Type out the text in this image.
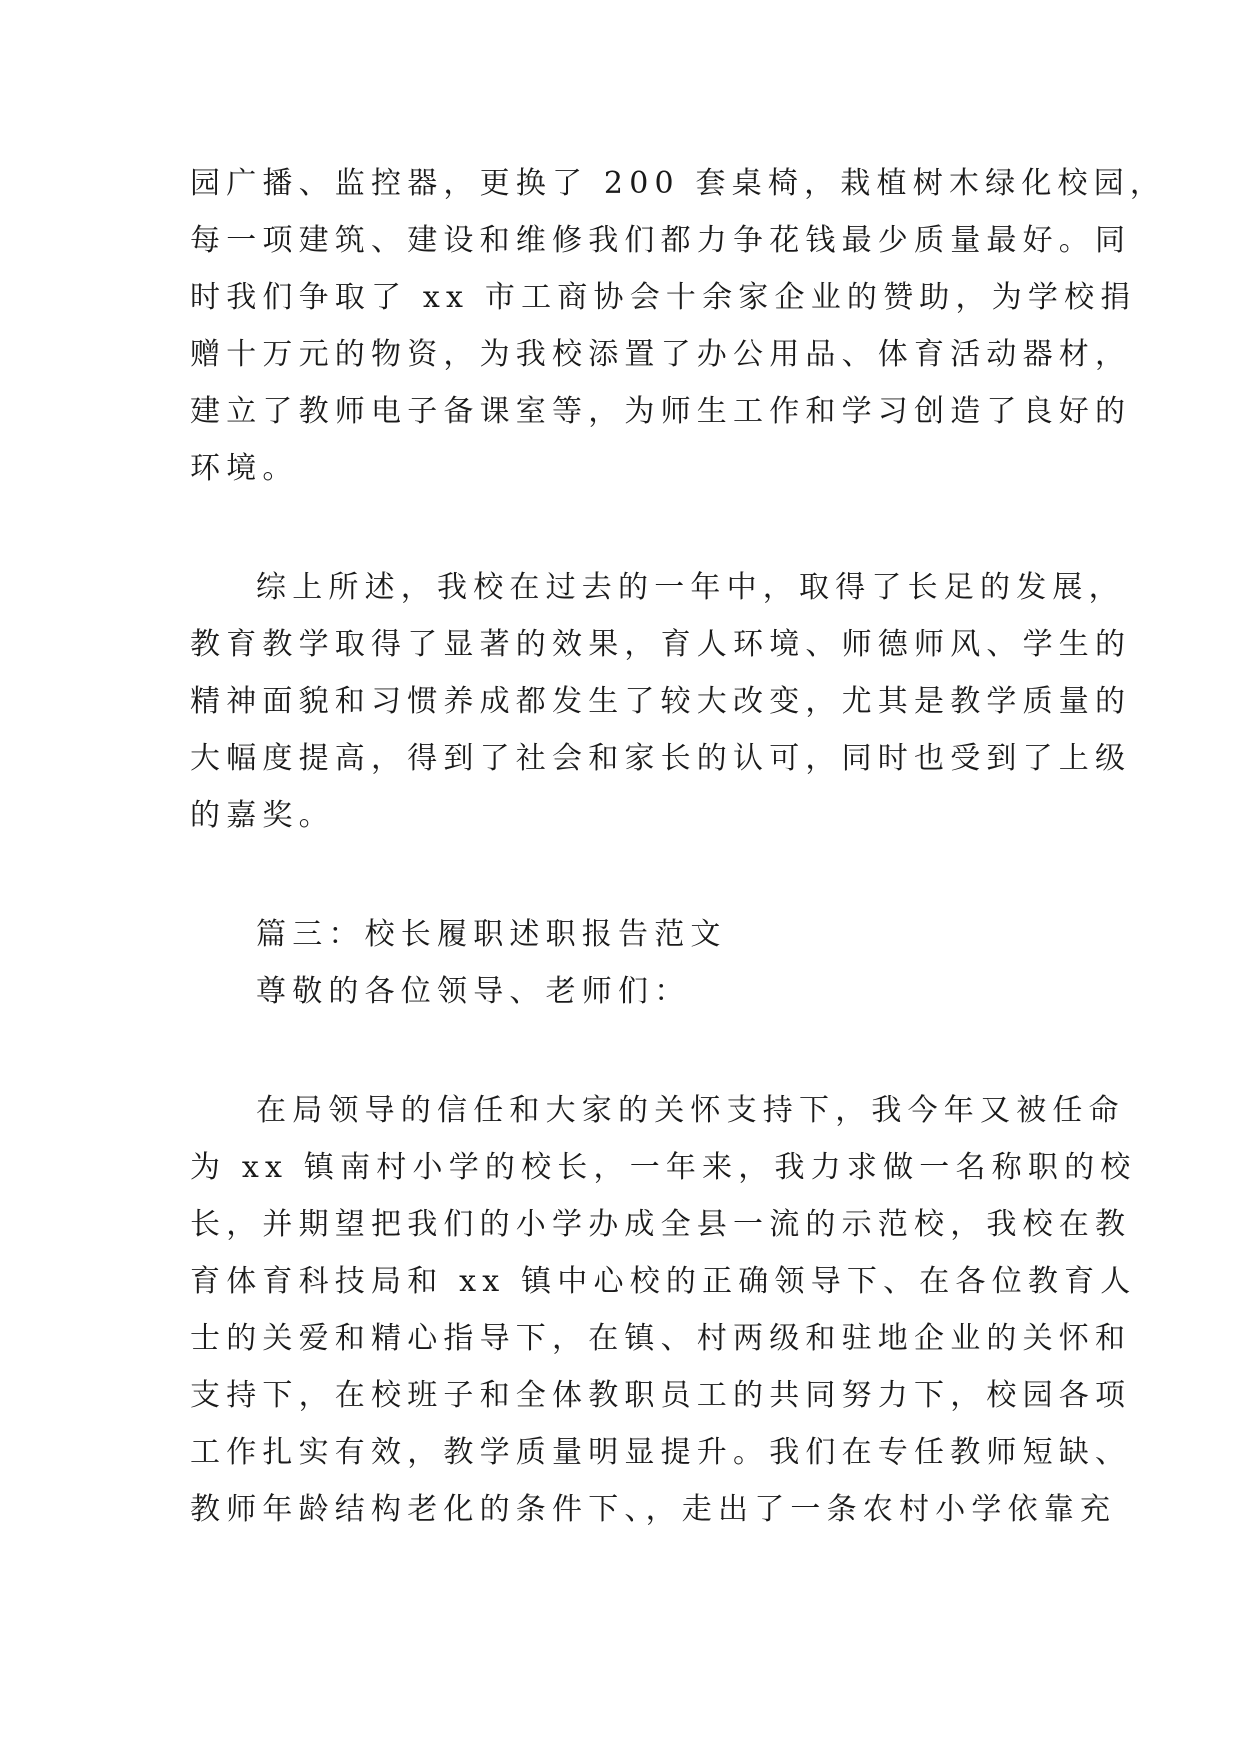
园广播、监控器，更换了 200 套桌椅，栽植树木绿化校园，
每一项建筑、建设和维修我们都力争花钱最少质量最好。同
时我们争取了 xx 市工商协会十余家企业的赞助，为学校捐
赠十万元的物资，为我校添置了办公用品、体育活动器材，
建立了教师电子备课室等，为师生工作和学习创造了良好的
环境。
综上所述，我校在过去的一年中，取得了长足的发展，
教育教学取得了显著的效果，育人环境、师德师风、学生的
精神面貌和习惯养成都发生了较大改变，尤其是教学质量的
大幅度提高，得到了社会和家长的认可，同时也受到了上级
的嘉奖。
篇三：校长履职述职报告范文
尊敬的各位领导、老师们：
在局领导的信任和大家的关怀支持下，我今年又被任命
为 xx 镇南村小学的校长，一年来，我力求做一名称职的校
长，并期望把我们的小学办成全县一流的示范校，我校在教
育体育科技局和 xx 镇中心校的正确领导下、在各位教育人
士的关爱和精心指导下，在镇、村两级和驻地企业的关怀和
支持下，在校班子和全体教职员工的共同努力下，校园各项
工作扎实有效，教学质量明显提升。我们在专任教师短缺、
教师年龄结构老化的条件下、，走出了一条农村小学依靠充
